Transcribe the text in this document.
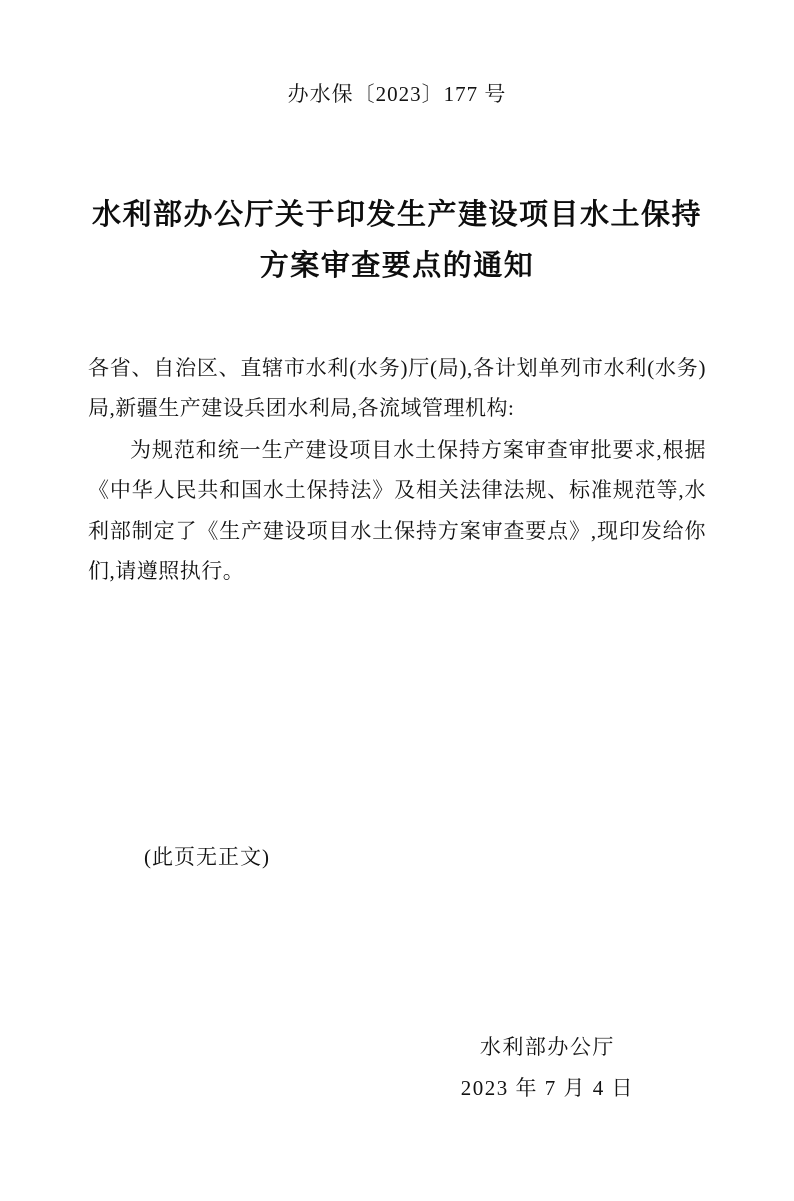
办水保〔2023〕177 号
水利部办公厅关于印发生产建设项目水土保持
方案审查要点的通知

各省、自治区、直辖市水利(水务)厅(局),各计划单列市水利(水务)局,新疆生产建设兵团水利局,各流域管理机构:

为规范和统一生产建设项目水土保持方案审查审批要求,根据《中华人民共和国水土保持法》及相关法律法规、标准规范等,水利部制定了《生产建设项目水土保持方案审查要点》,现印发给你们,请遵照执行。

(此页无正文)
水利部办公厅
2023 年 7 月 4 日
